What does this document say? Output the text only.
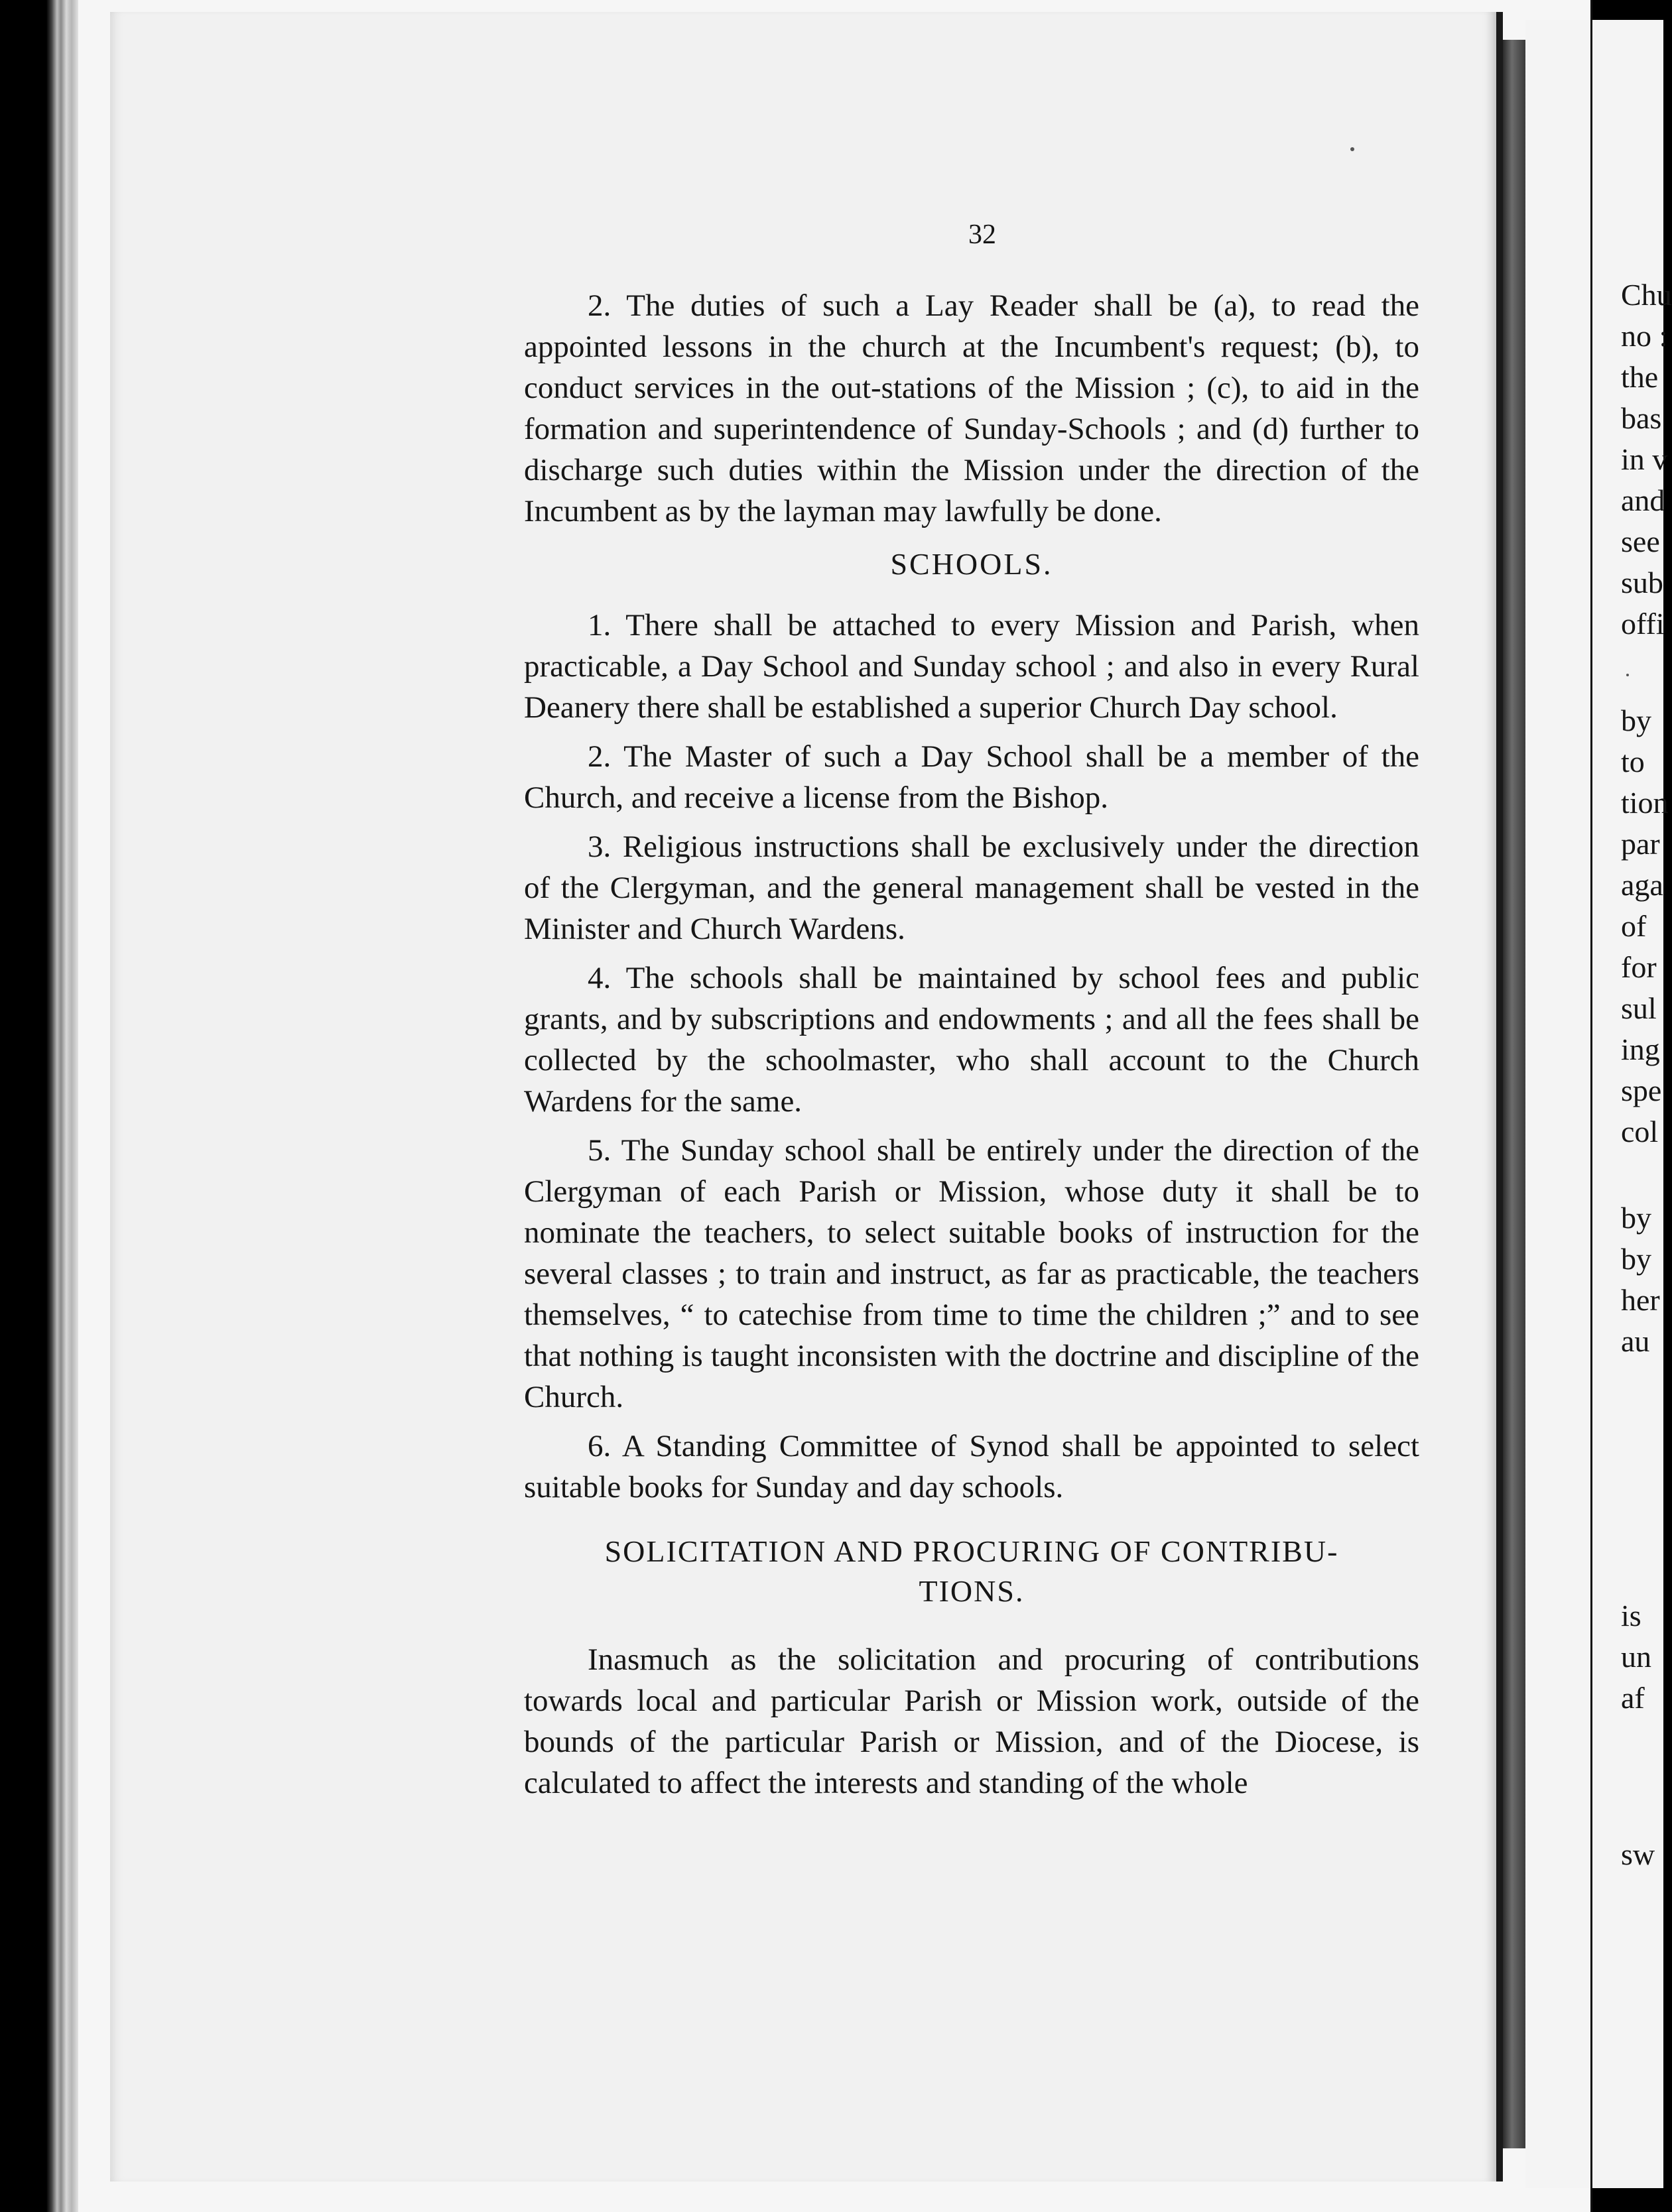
32

2. The duties of such a Lay Reader shall be (a), to read the appointed lessons in the church at the Incumbent's request; (b), to conduct services in the out-stations of the Mission ; (c), to aid in the formation and superintendence of Sunday-Schools ; and (d) further to discharge such duties within the Mission under the direction of the Incumbent as by the layman may lawfully be done.

SCHOOLS.

1. There shall be attached to every Mission and Parish, when practicable, a Day School and Sunday school ; and also in every Rural Deanery there shall be established a superior Church Day school.

2. The Master of such a Day School shall be a member of the Church, and receive a license from the Bishop.

3. Religious instructions shall be exclusively under the direction of the Clergyman, and the general management shall be vested in the Minister and Church Wardens.

4. The schools shall be maintained by school fees and public grants, and by subscriptions and endowments ; and all the fees shall be collected by the schoolmaster, who shall account to the Church Wardens for the same.

5. The Sunday school shall be entirely under the direction of the Clergyman of each Parish or Mission, whose duty it shall be to nominate the teachers, to select suitable books of instruction for the several classes ; to train and instruct, as far as practicable, the teachers themselves, “ to catechise from time to time the children ;” and to see that nothing is taught inconsisten with the doctrine and discipline of the Church.

6. A Standing Committee of Synod shall be appointed to select suitable books for Sunday and day schools.

SOLICITATION AND PROCURING OF CONTRIBU-
TIONS.

Inasmuch as the solicitation and procuring of contributions towards local and particular Parish or Mission work, outside of the bounds of the particular Parish or Mission, and of the Diocese, is calculated to affect the interests and standing of the whole

Chu
no :
the
bas
in v
and
see
sub
offi
by
to
tion
par
aga
of
for
sul
ing
spe
col
by
by
her
au
is
un
af
sw
